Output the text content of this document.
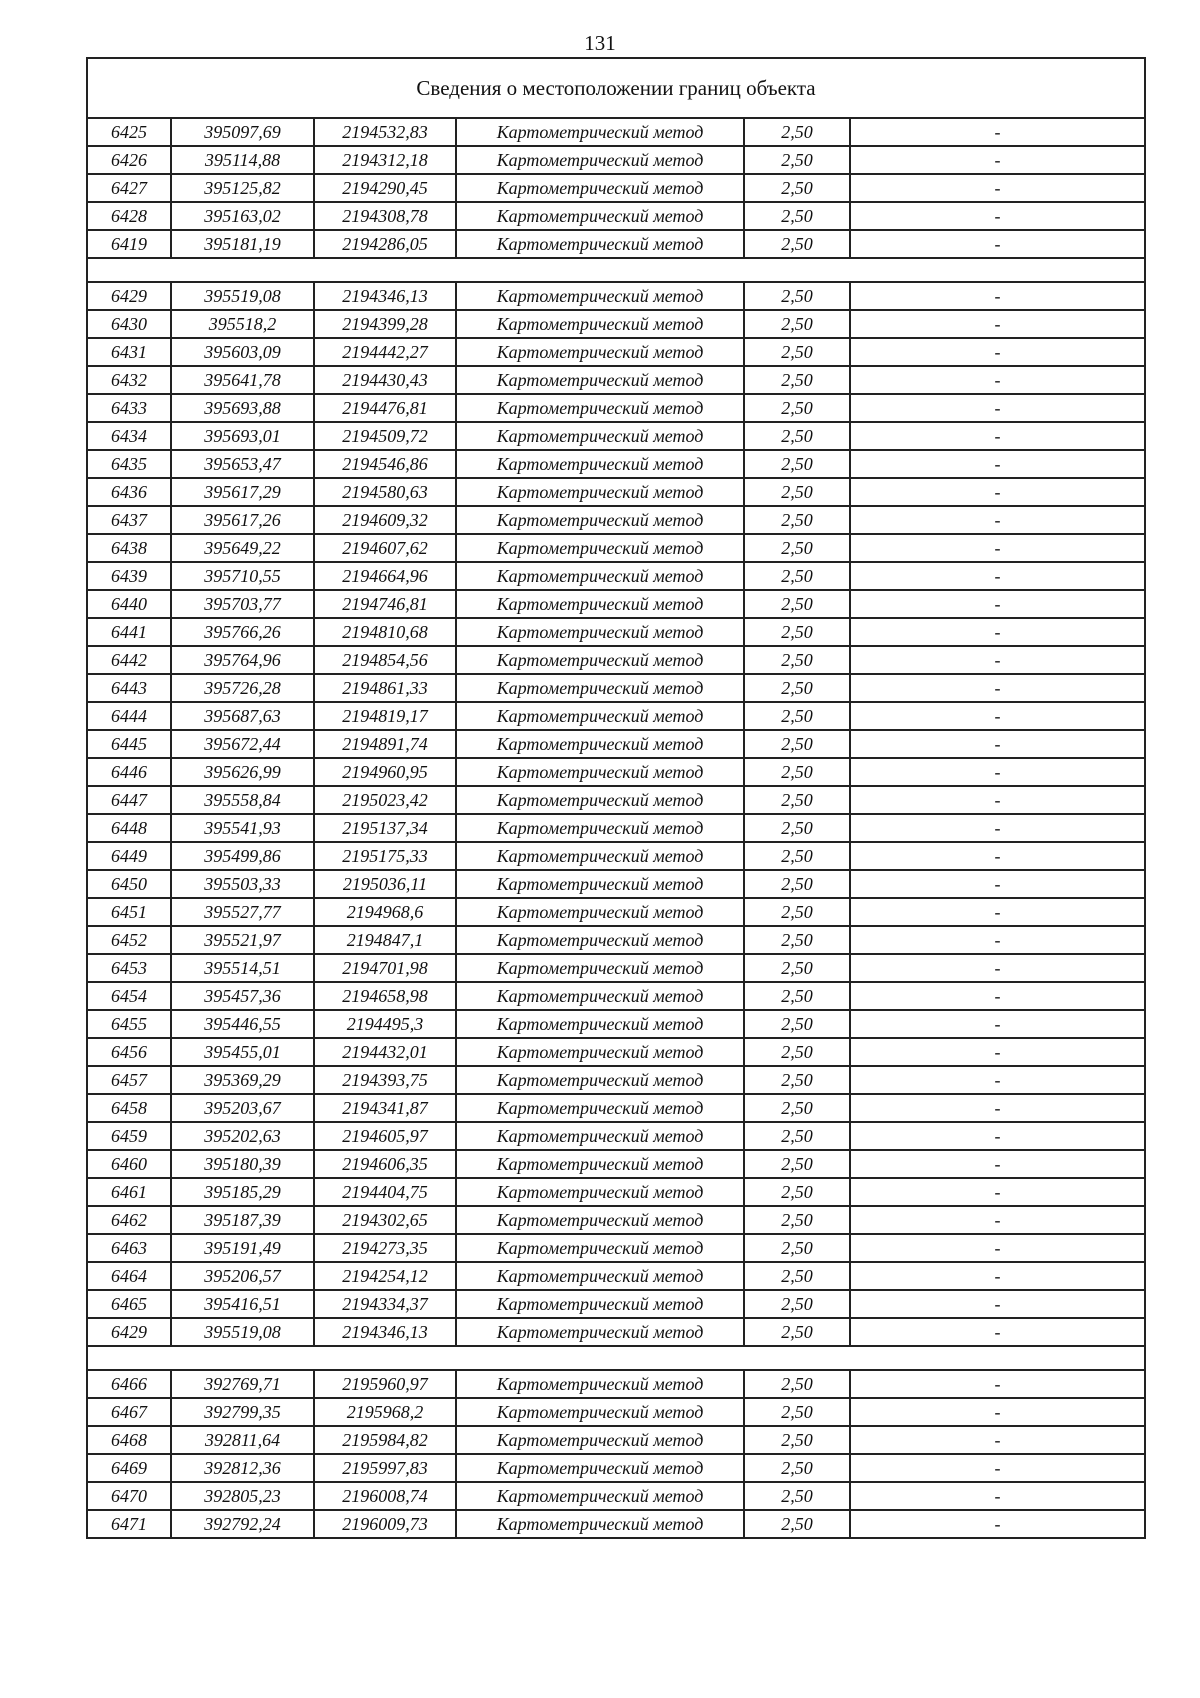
131
Сведения о местоположении границ объекта					
6425	395097,69	2194532,83	Картометрический метод	2,50	-
6426	395114,88	2194312,18	Картометрический метод	2,50	-
6427	395125,82	2194290,45	Картометрический метод	2,50	-
6428	395163,02	2194308,78	Картометрический метод	2,50	-
6419	395181,19	2194286,05	Картометрический метод	2,50	-

6429	395519,08	2194346,13	Картометрический метод	2,50	-
6430	395518,2	2194399,28	Картометрический метод	2,50	-
6431	395603,09	2194442,27	Картометрический метод	2,50	-
6432	395641,78	2194430,43	Картометрический метод	2,50	-
6433	395693,88	2194476,81	Картометрический метод	2,50	-
6434	395693,01	2194509,72	Картометрический метод	2,50	-
6435	395653,47	2194546,86	Картометрический метод	2,50	-
6436	395617,29	2194580,63	Картометрический метод	2,50	-
6437	395617,26	2194609,32	Картометрический метод	2,50	-
6438	395649,22	2194607,62	Картометрический метод	2,50	-
6439	395710,55	2194664,96	Картометрический метод	2,50	-
6440	395703,77	2194746,81	Картометрический метод	2,50	-
6441	395766,26	2194810,68	Картометрический метод	2,50	-
6442	395764,96	2194854,56	Картометрический метод	2,50	-
6443	395726,28	2194861,33	Картометрический метод	2,50	-
6444	395687,63	2194819,17	Картометрический метод	2,50	-
6445	395672,44	2194891,74	Картометрический метод	2,50	-
6446	395626,99	2194960,95	Картометрический метод	2,50	-
6447	395558,84	2195023,42	Картометрический метод	2,50	-
6448	395541,93	2195137,34	Картометрический метод	2,50	-
6449	395499,86	2195175,33	Картометрический метод	2,50	-
6450	395503,33	2195036,11	Картометрический метод	2,50	-
6451	395527,77	2194968,6	Картометрический метод	2,50	-
6452	395521,97	2194847,1	Картометрический метод	2,50	-
6453	395514,51	2194701,98	Картометрический метод	2,50	-
6454	395457,36	2194658,98	Картометрический метод	2,50	-
6455	395446,55	2194495,3	Картометрический метод	2,50	-
6456	395455,01	2194432,01	Картометрический метод	2,50	-
6457	395369,29	2194393,75	Картометрический метод	2,50	-
6458	395203,67	2194341,87	Картометрический метод	2,50	-
6459	395202,63	2194605,97	Картометрический метод	2,50	-
6460	395180,39	2194606,35	Картометрический метод	2,50	-
6461	395185,29	2194404,75	Картометрический метод	2,50	-
6462	395187,39	2194302,65	Картометрический метод	2,50	-
6463	395191,49	2194273,35	Картометрический метод	2,50	-
6464	395206,57	2194254,12	Картометрический метод	2,50	-
6465	395416,51	2194334,37	Картометрический метод	2,50	-
6429	395519,08	2194346,13	Картометрический метод	2,50	-

6466	392769,71	2195960,97	Картометрический метод	2,50	-
6467	392799,35	2195968,2	Картометрический метод	2,50	-
6468	392811,64	2195984,82	Картометрический метод	2,50	-
6469	392812,36	2195997,83	Картометрический метод	2,50	-
6470	392805,23	2196008,74	Картометрический метод	2,50	-
6471	392792,24	2196009,73	Картометрический метод	2,50	-
